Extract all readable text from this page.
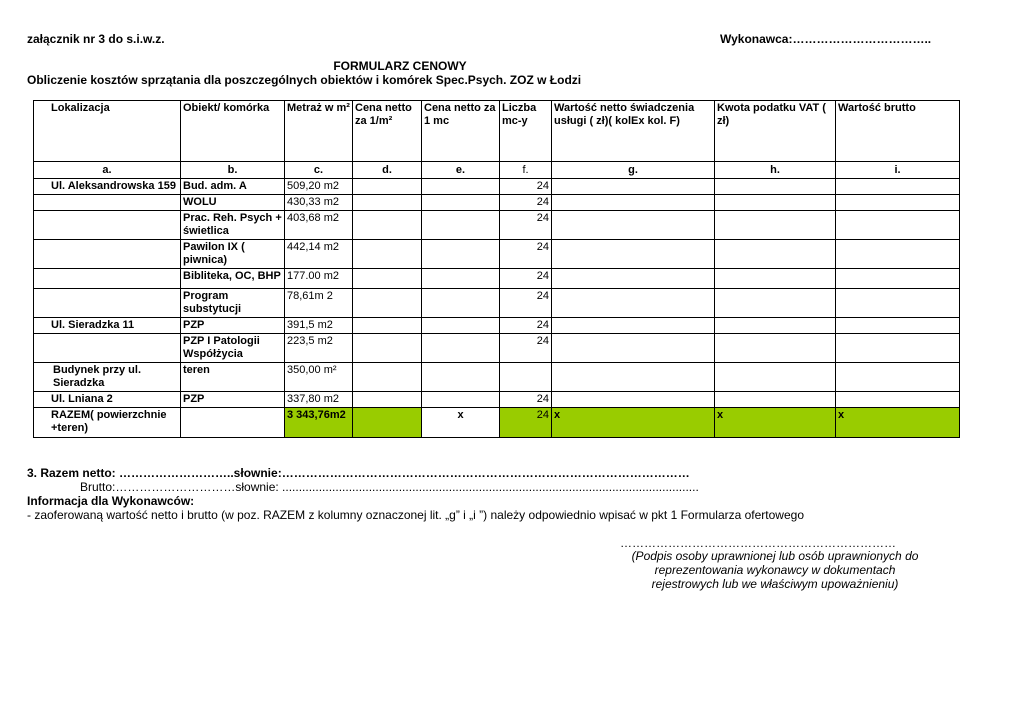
załącznik nr 3 do s.i.w.z.	Wykonawca:……………………………..
FORMULARZ CENOWY
Obliczenie kosztów sprzątania dla poszczególnych obiektów i komórek Spec.Psych. ZOZ w Łodzi
Lokalizacja	Obiekt/ komórka	Metraż w m²	Cena netto za 1/m²	Cena netto za 1 mc	Liczba mc-y	Wartość netto świadczenia usługi ( zł)( kolEx kol. F)	Kwota podatku VAT ( zł)	Wartość brutto
a.	b.	c.	d.	e.	f.	g.	h.	i.
Ul. Aleksandrowska 159	Bud. adm. A	509,20 m2			24			
	WOLU	430,33 m2			24			
	Prac. Reh. Psych + świetlica	403,68 m2			24			
	Pawilon IX ( piwnica)	442,14 m2			24			
	Bibliteka, OC, BHP	177.00 m2			24			
	Program substytucji	78,61m 2			24			
Ul. Sieradzka 11	PZP	391,5 m2			24			
	PZP I Patologii Współżycia	223,5 m2			24			
Budynek przy ul. Sieradzka	teren	350,00 m²						
Ul. Lniana 2	PZP	337,80 m2			24			
RAZEM( powierzchnie +teren)		3 343,76m2		x	24	x	x	x
3. Razem netto: ………………………..słownie:…………………………………………………………………………………………
Brutto:…………………………słownie: .............................................................................................................................
Informacja dla Wykonawców:
- zaoferowaną wartość netto i brutto (w poz. RAZEM z kolumny oznaczonej lit. „g” i „i ”) należy odpowiednio wpisać w pkt 1 Formularza ofertowego
……………………………………………………………
(Podpis osoby uprawnionej lub osób uprawnionych do
reprezentowania wykonawcy w dokumentach
rejestrowych lub we właściwym upoważnieniu)
